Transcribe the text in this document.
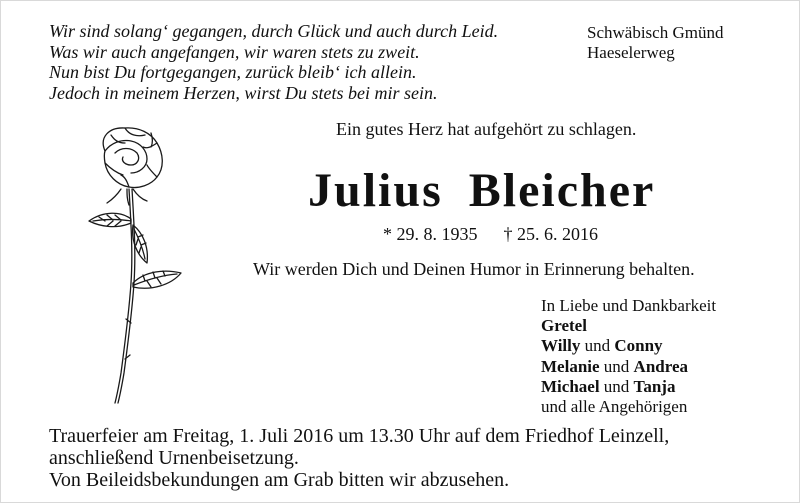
Wir sind solang‘ gegangen, durch Glück und auch durch Leid.
Was wir auch angefangen, wir waren stets zu zweit.
Nun bist Du fortgegangen, zurück bleib‘ ich allein.
Jedoch in meinem Herzen, wirst Du stets bei mir sein.
Schwäbisch Gmünd
Haeselerweg
Ein gutes Herz hat aufgehört zu schlagen.
Julius Bleicher
* 29. 8. 1935 † 25. 6. 2016
Wir werden Dich und Deinen Humor in Erinnerung behalten.
In Liebe und Dankbarkeit
Gretel
Willy und Conny
Melanie und Andrea
Michael und Tanja
und alle Angehörigen
Trauerfeier am Freitag, 1. Juli 2016 um 13.30 Uhr auf dem Friedhof Leinzell,
anschließend Urnenbeisetzung.
Von Beileidsbekundungen am Grab bitten wir abzusehen.
